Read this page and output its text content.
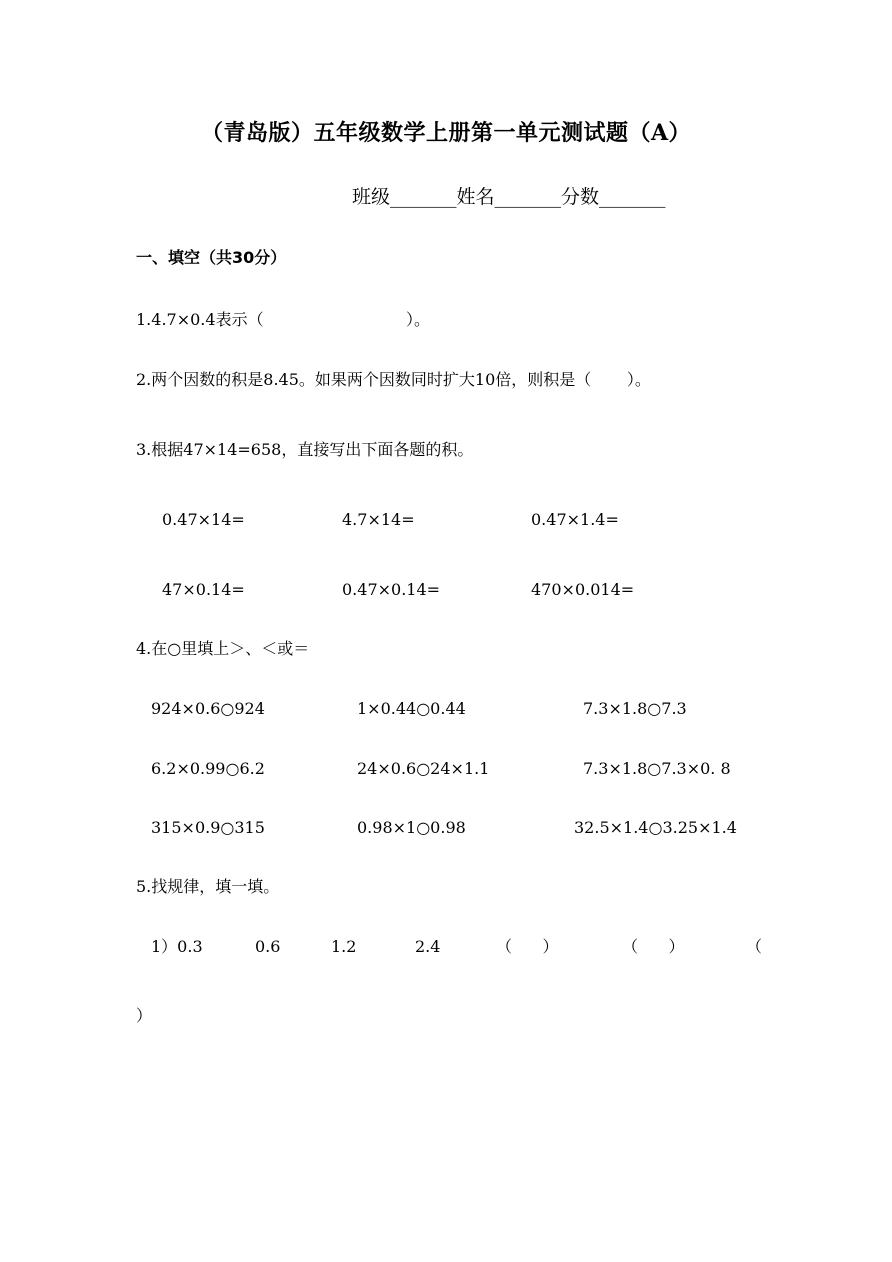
（青岛版）五年级数学上册第一单元测试题（A）
班级_______姓名_______分数_______
一、填空（共30分）
1.4.7×0.4表示（                            ）。
2.两个因数的积是8.45。如果两个因数同时扩大10倍，则积是（       ）。
3.根据47×14=658，直接写出下面各题的积。
0.47×14=	4.7×14=	0.47×1.4=
47×0.14=	0.47×0.14=	470×0.014=
4.在○里填上＞、＜或＝
924×0.6○924	1×0.44○0.44	7.3×1.8○7.3
6.2×0.99○6.2	24×0.6○24×1.1	7.3×1.8○7.3×0. 8
315×0.9○315	0.98×1○0.98	32.5×1.4○3.25×1.4
5.找规律，填一填。
1）0.3	0.6	1.2	2.4	（      ）	（      ）	（
）
